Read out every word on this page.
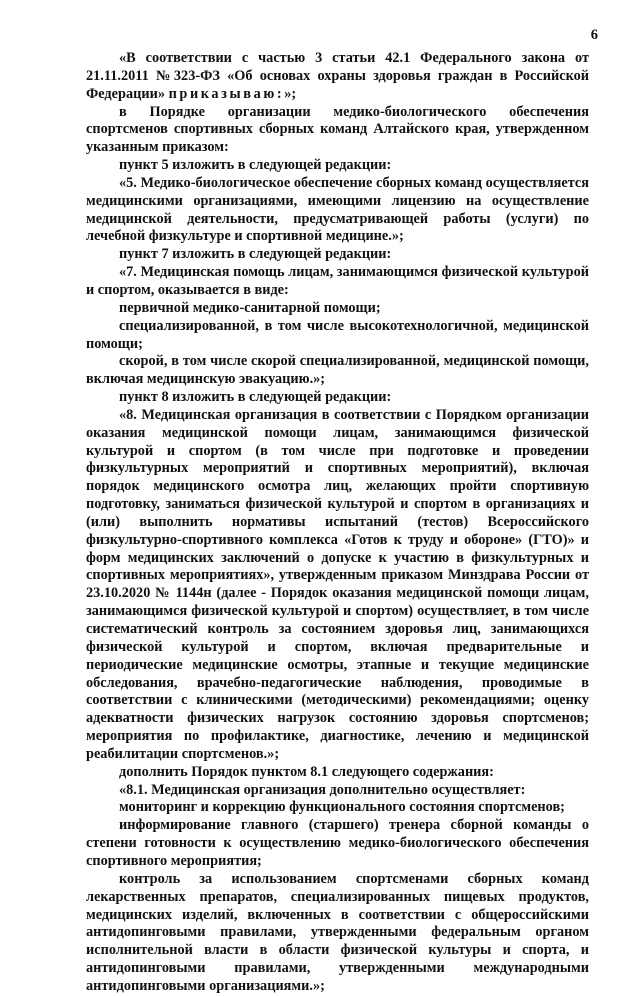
6

«В соответствии с частью 3 статьи 42.1 Федерального закона от 21.11.2011 №323-ФЗ «Об основах охраны здоровья граждан в Российской Федерации» приказываю:»;

в Порядке организации медико-биологического обеспечения спортсменов спортивных сборных команд Алтайского края, утвержденном указанным приказом:

пункт 5 изложить в следующей редакции:

«5. Медико-биологическое обеспечение сборных команд осуществляется медицинскими организациями, имеющими лицензию на осуществление медицинской деятельности, предусматривающей работы (услуги) по лечебной физкультуре и спортивной медицине.»;

пункт 7 изложить в следующей редакции:

«7. Медицинская помощь лицам, занимающимся физической культурой и спортом, оказывается в виде:

первичной медико-санитарной помощи;

специализированной, в том числе высокотехнологичной, медицинской помощи;

скорой, в том числе скорой специализированной, медицинской помощи, включая медицинскую эвакуацию.»;

пункт 8 изложить в следующей редакции:

«8. Медицинская организация в соответствии с Порядком организации оказания медицинской помощи лицам, занимающимся физической культурой и спортом (в том числе при подготовке и проведении физкультурных мероприятий и спортивных мероприятий), включая порядок медицинского осмотра лиц, желающих пройти спортивную подготовку, заниматься физической культурой и спортом в организациях и (или) выполнить нормативы испытаний (тестов) Всероссийского физкультурно-спортивного комплекса «Готов к труду и обороне» (ГТО)» и форм медицинских заключений о допуске к участию в физкультурных и спортивных мероприятиях», утвержденным приказом Минздрава России от 23.10.2020 № 1144н (далее - Порядок оказания медицинской помощи лицам, занимающимся физической культурой и спортом) осуществляет, в том числе систематический контроль за состоянием здоровья лиц, занимающихся физической культурой и спортом, включая предварительные и периодические медицинские осмотры, этапные и текущие медицинские обследования, врачебно-педагогические наблюдения, проводимые в соответствии с клиническими (методическими) рекомендациями; оценку адекватности физических нагрузок состоянию здоровья спортсменов; мероприятия по профилактике, диагностике, лечению и медицинской реабилитации спортсменов.»;

дополнить Порядок пунктом 8.1 следующего содержания:

«8.1. Медицинская организация дополнительно осуществляет:

мониторинг и коррекцию функционального состояния спортсменов;

информирование главного (старшего) тренера сборной команды о степени готовности к осуществлению медико-биологического обеспечения спортивного мероприятия;

контроль за использованием спортсменами сборных команд лекарственных препаратов, специализированных пищевых продуктов, медицинских изделий, включенных в соответствии с общероссийскими антидопинговыми правилами, утвержденными федеральным органом исполнительной власти в области физической культуры и спорта, и антидопинговыми правилами, утвержденными международными антидопинговыми организациями.»;
